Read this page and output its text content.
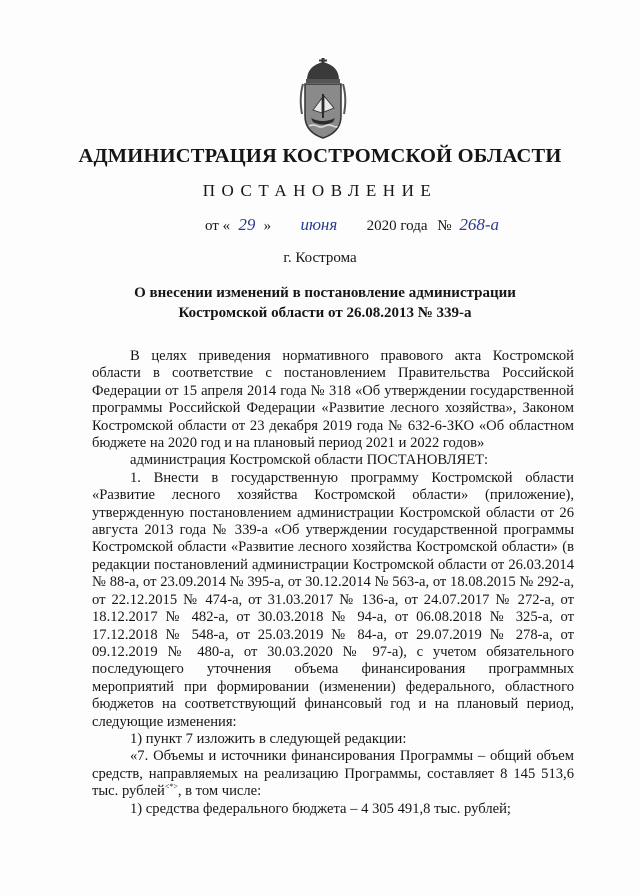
АДМИНИСТРАЦИЯ КОСТРОМСКОЙ ОБЛАСТИ
ПОСТАНОВЛЕНИЕ
от « 29 » июня 2020 года № 268-а
г. Кострома
О внесении изменений в постановление администрации
Костромской области от 26.08.2013 № 339-а

В целях приведения нормативного правового акта Костромской области в соответствие с постановлением Правительства Российской Федерации от 15 апреля 2014 года № 318 «Об утверждении государственной программы Российской Федерации «Развитие лесного хозяйства», Законом Костромской области от 23 декабря 2019 года № 632-6-ЗКО «Об областном бюджете на 2020 год и на плановый период 2021 и 2022 годов»

администрация Костромской области ПОСТАНОВЛЯЕТ:

1. Внести в государственную программу Костромской области «Развитие лесного хозяйства Костромской области» (приложение), утвержденную постановлением администрации Костромской области от 26 августа 2013 года № 339-а «Об утверждении государственной программы Костромской области «Развитие лесного хозяйства Костромской области» (в редакции постановлений администрации Костромской области от 26.03.2014 № 88-а, от 23.09.2014 № 395-а, от 30.12.2014 № 563-а, от 18.08.2015 № 292-а, от 22.12.2015 № 474-а, от 31.03.2017 № 136-а, от 24.07.2017 № 272-а, от 18.12.2017 № 482-а, от 30.03.2018 № 94-а, от 06.08.2018 № 325-а, от 17.12.2018 № 548-а, от 25.03.2019 № 84-а, от 29.07.2019 № 278-а, от 09.12.2019 № 480-а, от 30.03.2020 № 97-а), с учетом обязательного последующего уточнения объема финансирования программных мероприятий при формировании (изменении) федерального, областного бюджетов на соответствующий финансовый год и на плановый период, следующие изменения:

1) пункт 7 изложить в следующей редакции:

«7. Объемы и источники финансирования Программы – общий объем средств, направляемых на реализацию Программы, составляет 8 145 513,6 тыс. рублей<*>, в том числе:

1) средства федерального бюджета – 4 305 491,8 тыс. рублей;
